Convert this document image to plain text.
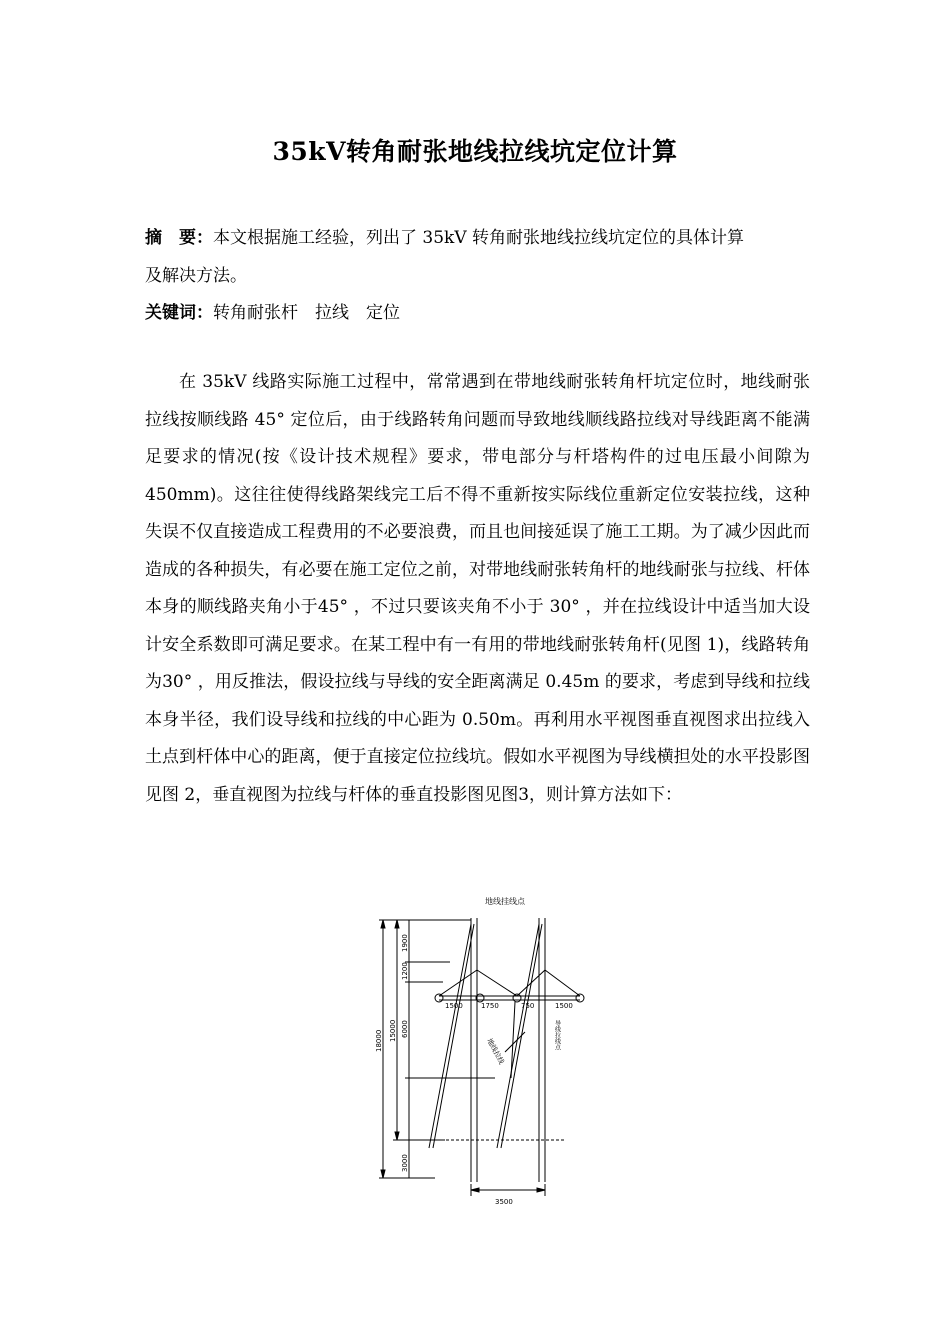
35kV转角耐张地线拉线坑定位计算
摘　要：本文根据施工经验，列出了 35kV 转角耐张地线拉线坑定位的具体计算
及解决方法。
关键词：转角耐张杆　拉线　定位
在 35kV 线路实际施工过程中，常常遇到在带地线耐张转角杆坑定位时，地线耐张拉线按顺线路 45° 定位后，由于线路转角问题而导致地线顺线路拉线对导线距离不能满足要求的情况(按《设计技术规程》要求，带电部分与杆塔构件的过电压最小间隙为 450mm)。这往往使得线路架线完工后不得不重新按实际线位重新定位安装拉线，这种失误不仅直接造成工程费用的不必要浪费，而且也间接延误了施工工期。为了减少因此而造成的各种损失，有必要在施工定位之前，对带地线耐张转角杆的地线耐张与拉线、杆体本身的顺线路夹角小于45° ，不过只要该夹角不小于 30° ，并在拉线设计中适当加大设计安全系数即可满足要求。在某工程中有一有用的带地线耐张转角杆(见图 1)，线路转角为30° ，用反推法，假设拉线与导线的安全距离满足 0.45m 的要求，考虑到导线和拉线本身半径，我们设导线和拉线的中心距为 0.50m。再利用水平视图垂直视图求出拉线入土点到杆体中心的距离，便于直接定位拉线坑。假如水平视图为导线横担处的水平投影图见图 2，垂直视图为拉线与杆体的垂直投影图见图3，则计算方法如下：
地线挂线点
18000 15000
1900
1200
6000
3000
1500	1750	750	1500
地线拉线
导线拉线点
3500
